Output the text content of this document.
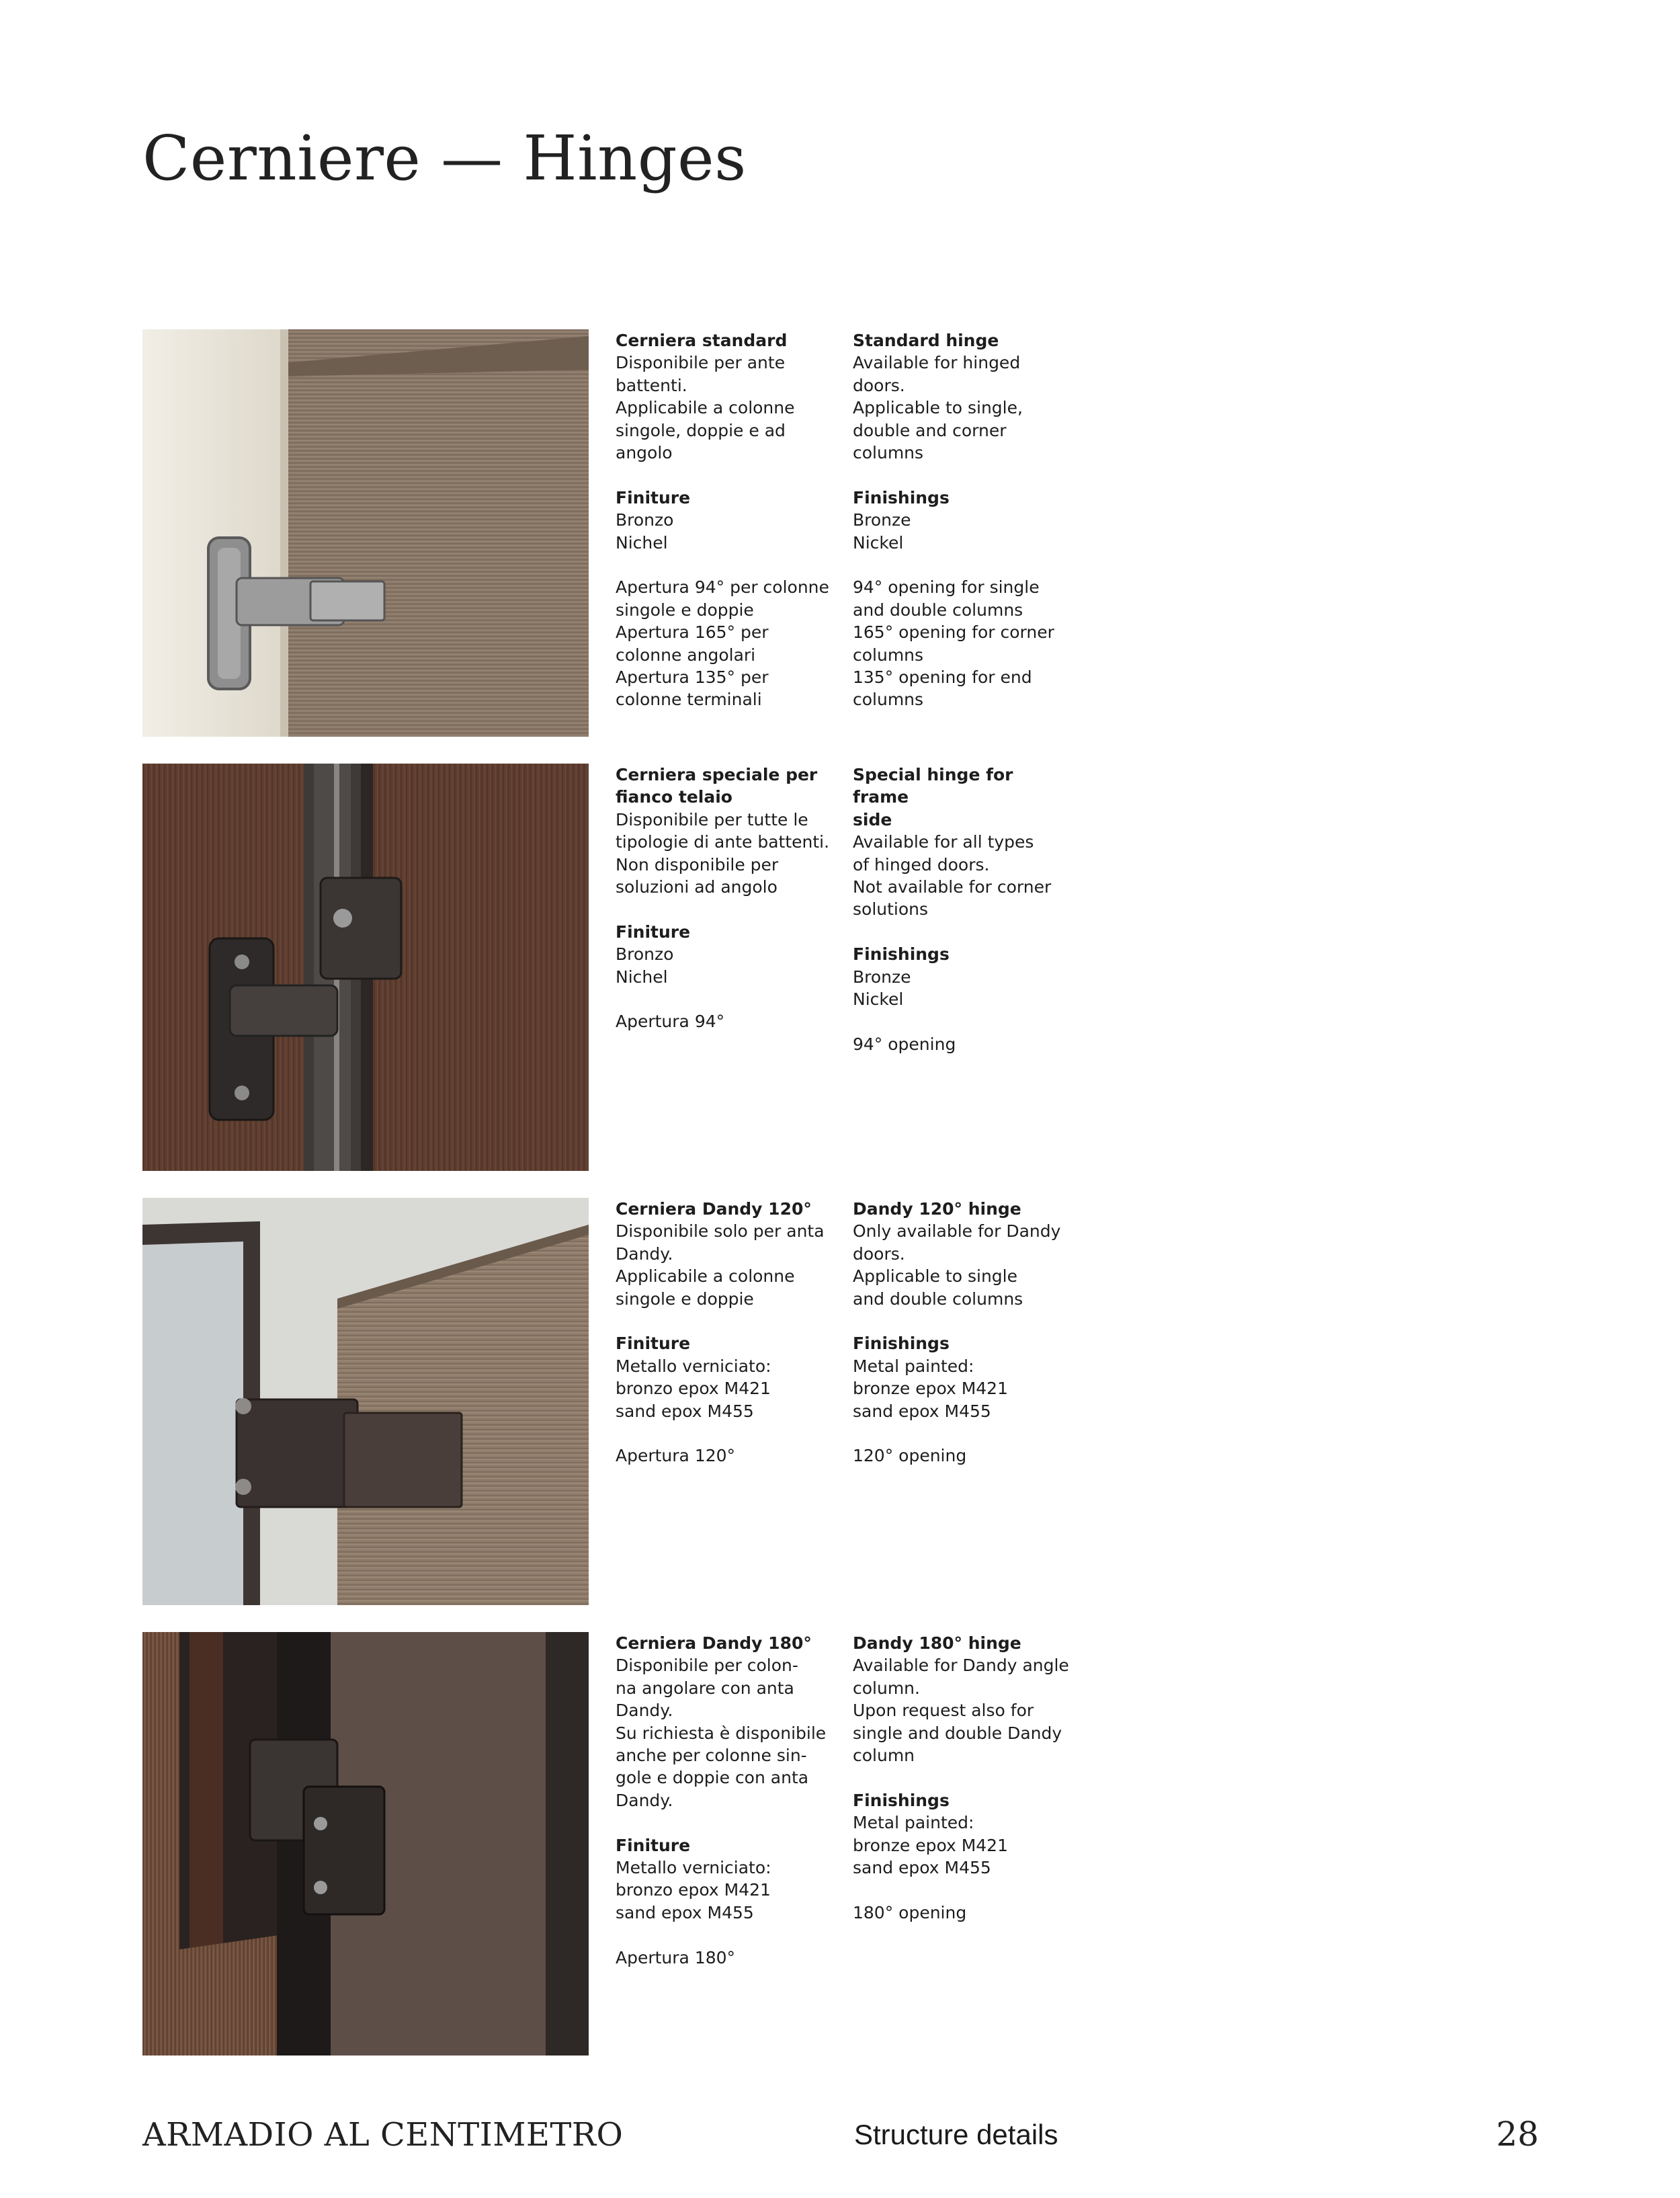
Cerniere — Hinges

Cerniera standard
Disponibile per ante
battenti.
Applicabile a colonne
singole, doppie e ad
angolo

Finiture
Bronzo
Nichel

Apertura 94° per colonne
singole e doppie
Apertura 165° per
colonne angolari
Apertura 135° per
colonne terminali

Standard hinge
Available for hinged
doors.
Applicable to single,
double and corner
columns

Finishings
Bronze
Nickel

94° opening for single
and double columns
165° opening for corner
columns
135° opening for end
columns

Cerniera speciale per
fianco telaio
Disponibile per tutte le
tipologie di ante battenti.
Non disponibile per
soluzioni ad angolo

Finiture
Bronzo
Nichel

Apertura 94°

Special hinge for frame
side
Available for all types
of hinged doors.
Not available for corner
solutions

Finishings
Bronze
Nickel

94° opening

Cerniera Dandy 120°
Disponibile solo per anta
Dandy.
Applicabile a colonne
singole e doppie

Finiture
Metallo verniciato:
bronzo epox M421
sand epox M455

Apertura 120°

Dandy 120° hinge
Only available for Dandy
doors.
Applicable to single
and double columns

Finishings
Metal painted:
bronze epox M421
sand epox M455

120° opening

Cerniera Dandy 180°
Disponibile per colon-
na angolare con anta
Dandy.
Su richiesta è disponibile
anche per colonne sin-
gole e doppie con anta
Dandy.

Finiture
Metallo verniciato:
bronzo epox M421
sand epox M455

Apertura 180°

Dandy 180° hinge
Available for Dandy angle
column.
Upon request also for
single and double Dandy
column

Finishings
Metal painted:
bronze epox M421
sand epox M455

180° opening

ARMADIO AL CENTIMETRO	Structure details	28
